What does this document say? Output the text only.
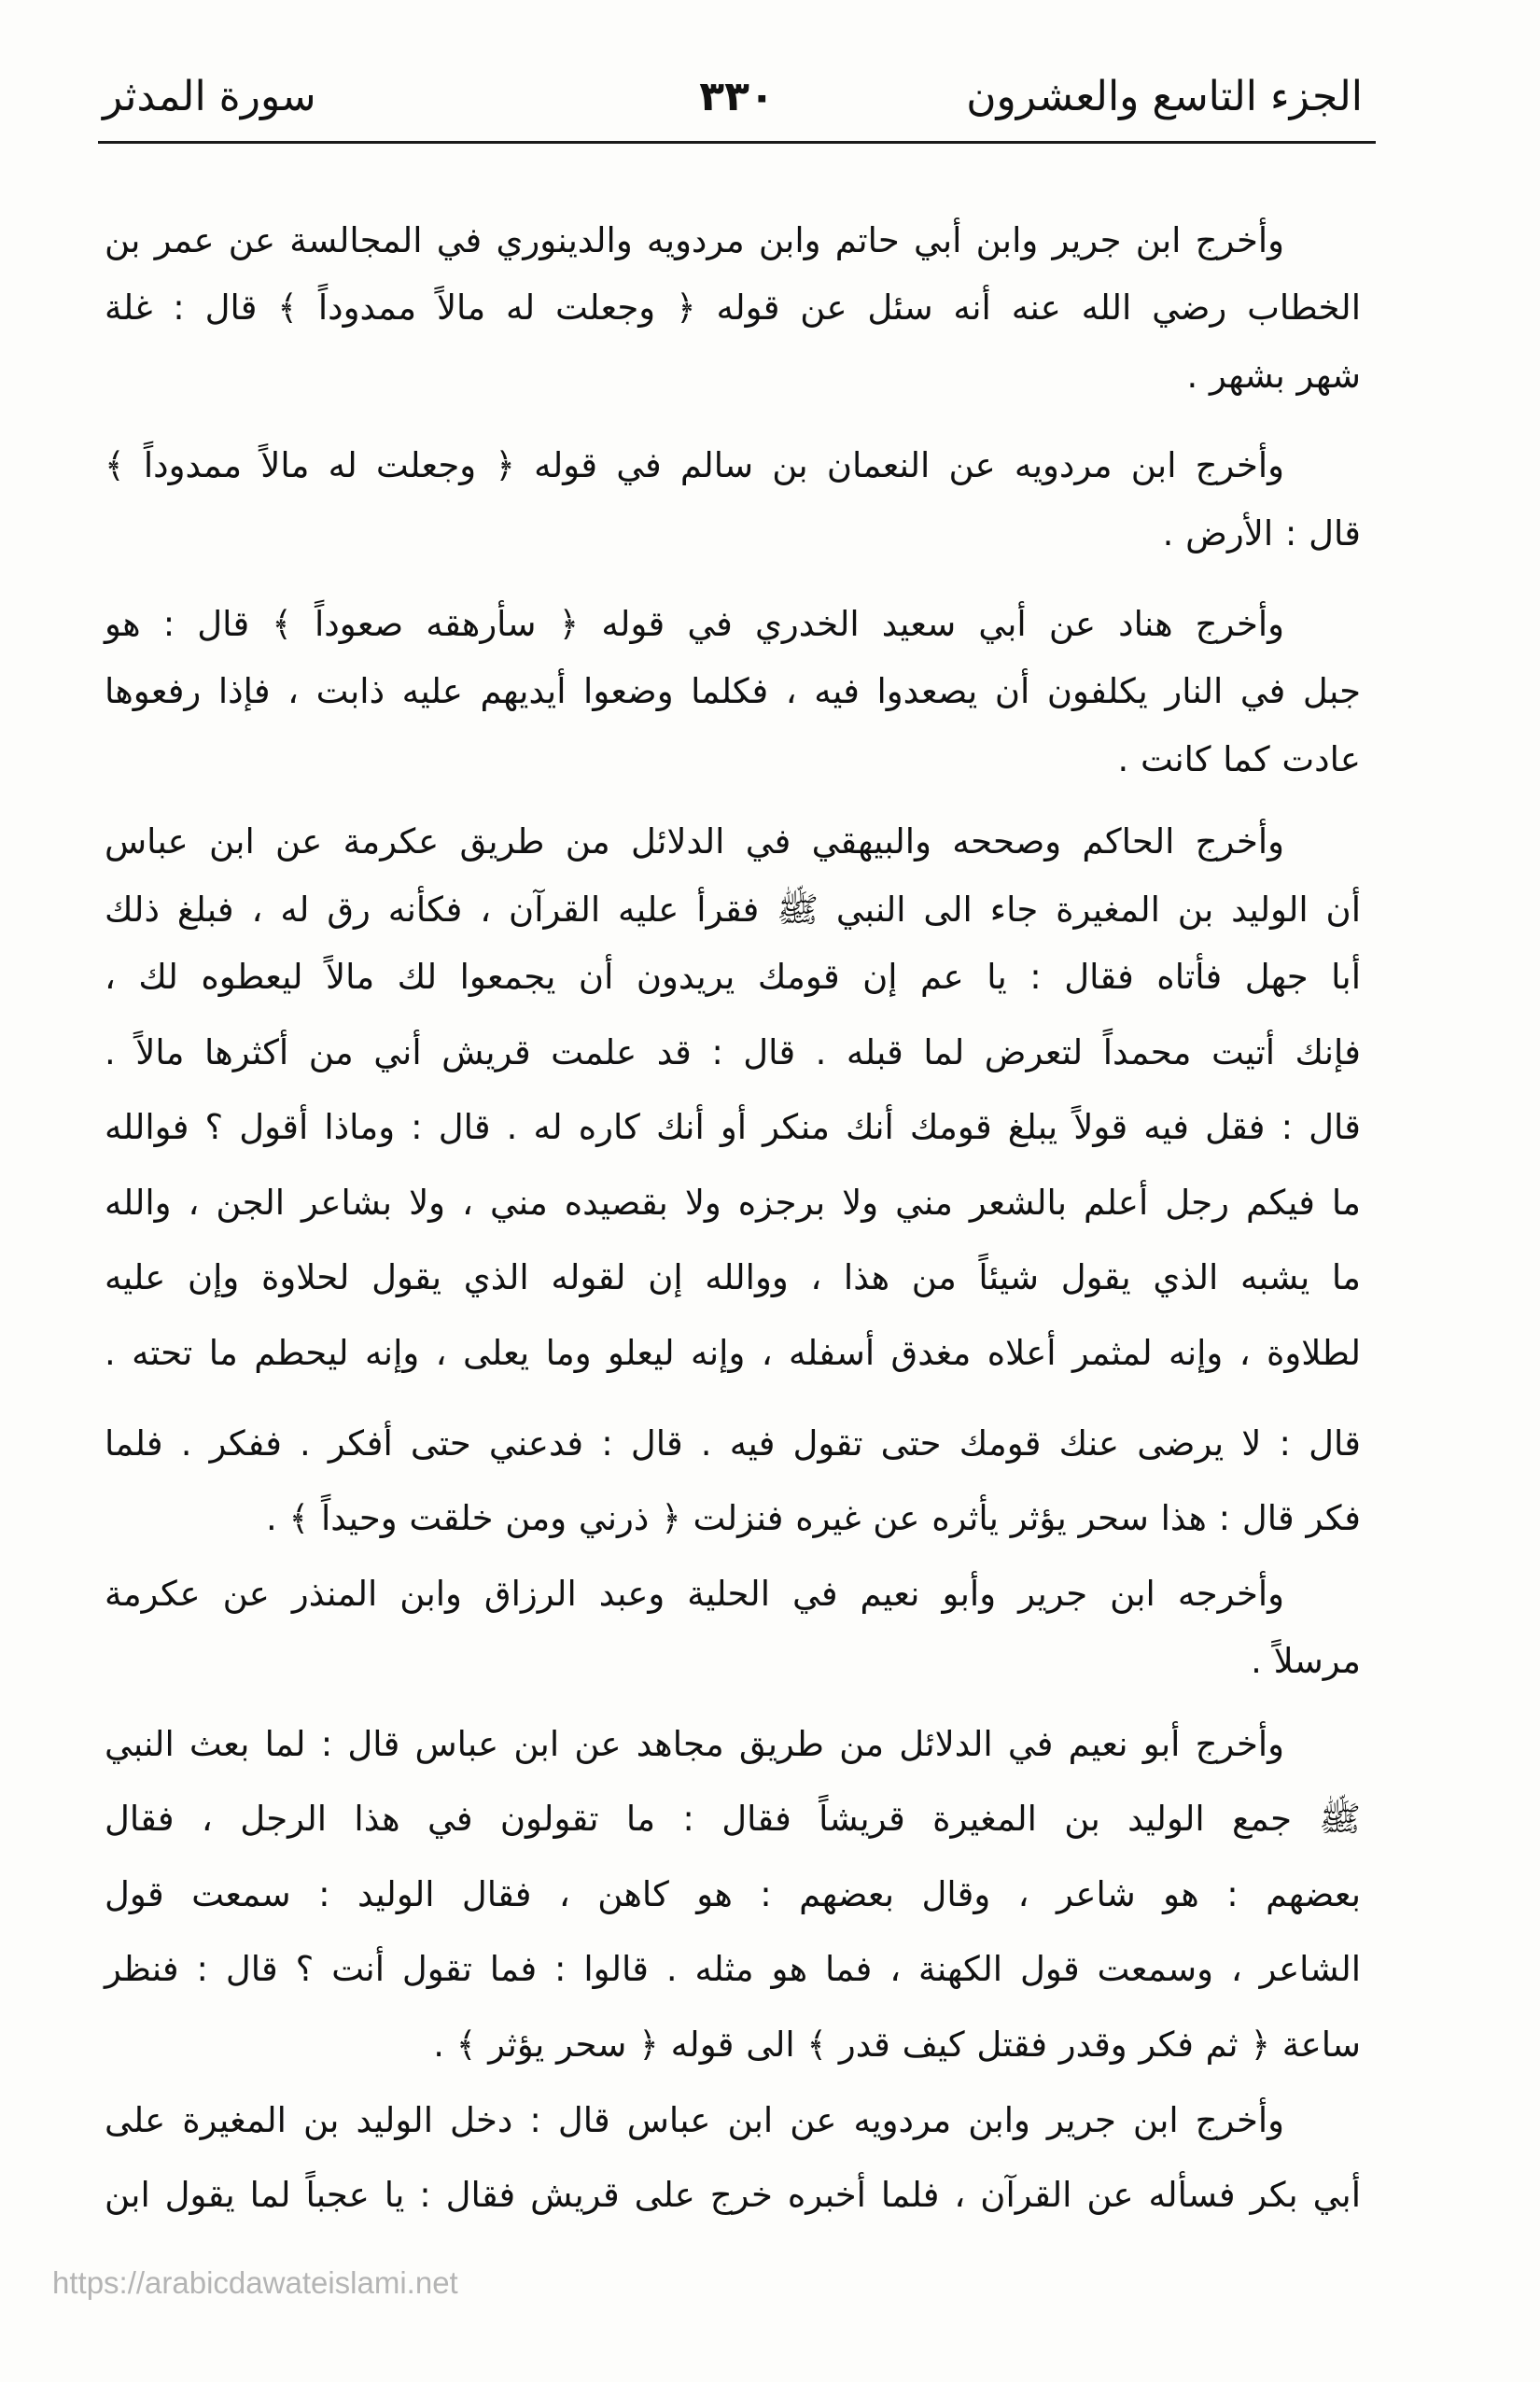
الجزء التاسع والعشرون
٣٣٠
سورة المدثر
وأخرج ابن جرير وابن أبي حاتم وابن مردويه والدينوري في المجالسة عن عمر بن
الخطاب رضي الله عنه أنه سئل عن قوله ﴿ وجعلت له مالاً ممدوداً ﴾ قال : غلة
شهر بشهر .
وأخرج ابن مردويه عن النعمان بن سالم في قوله ﴿ وجعلت له مالاً ممدوداً ﴾
قال : الأرض .
وأخرج هناد عن أبي سعيد الخدري في قوله ﴿ سأرهقه صعوداً ﴾ قال : هو
جبل في النار يكلفون أن يصعدوا فيه ، فكلما وضعوا أيديهم عليه ذابت ، فإذا رفعوها
عادت كما كانت .
وأخرج الحاكم وصححه والبيهقي في الدلائل من طريق عكرمة عن ابن عباس
أن الوليد بن المغيرة جاء الى النبي ﷺ فقرأ عليه القرآن ، فكأنه رق له ، فبلغ ذلك
أبا جهل فأتاه فقال : يا عم إن قومك يريدون أن يجمعوا لك مالاً ليعطوه لك ،
فإنك أتيت محمداً لتعرض لما قبله . قال : قد علمت قريش أني من أكثرها مالاً .
قال : فقل فيه قولاً يبلغ قومك أنك منكر أو أنك كاره له . قال : وماذا أقول ؟ فوالله
ما فيكم رجل أعلم بالشعر مني ولا برجزه ولا بقصيده مني ، ولا بشاعر الجن ، والله
ما يشبه الذي يقول شيئاً من هذا ، ووالله إن لقوله الذي يقول لحلاوة وإن عليه
لطلاوة ، وإنه لمثمر أعلاه مغدق أسفله ، وإنه ليعلو وما يعلى ، وإنه ليحطم ما تحته .
قال : لا يرضى عنك قومك حتى تقول فيه . قال : فدعني حتى أفكر . ففكر . فلما
فكر قال : هذا سحر يؤثر يأثره عن غيره فنزلت ﴿ ذرني ومن خلقت وحيداً ﴾ .
وأخرجه ابن جرير وأبو نعيم في الحلية وعبد الرزاق وابن المنذر عن عكرمة
مرسلاً .
وأخرج أبو نعيم في الدلائل من طريق مجاهد عن ابن عباس قال : لما بعث النبي
ﷺ جمع الوليد بن المغيرة قريشاً فقال : ما تقولون في هذا الرجل ، فقال
بعضهم : هو شاعر ، وقال بعضهم : هو كاهن ، فقال الوليد : سمعت قول
الشاعر ، وسمعت قول الكهنة ، فما هو مثله . قالوا : فما تقول أنت ؟ قال : فنظر
ساعة ﴿ ثم فكر وقدر فقتل كيف قدر ﴾ الى قوله ﴿ سحر يؤثر ﴾ .
وأخرج ابن جرير وابن مردويه عن ابن عباس قال : دخل الوليد بن المغيرة على
أبي بكر فسأله عن القرآن ، فلما أخبره خرج على قريش فقال : يا عجباً لما يقول ابن
https://arabicdawateislami.net
